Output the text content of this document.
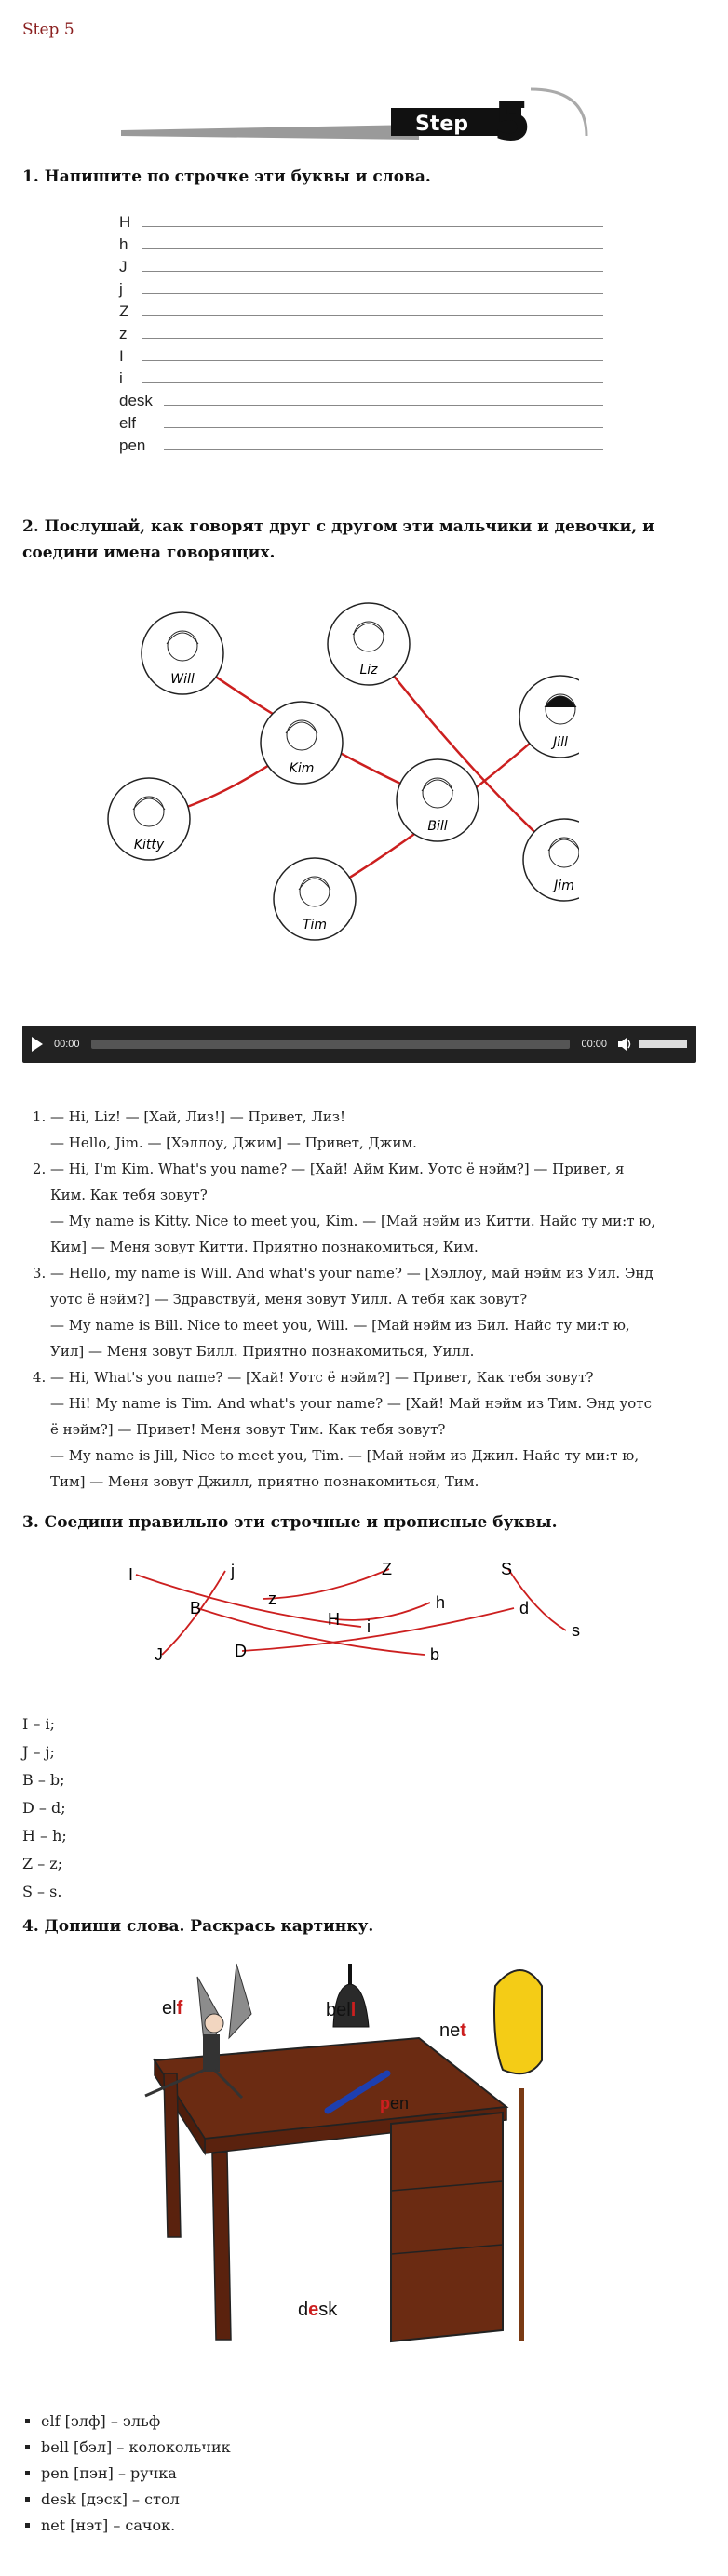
Step 5
Step 5
1. Напишите по строчке эти буквы и слова.
H
h
J
j
Z
z
I
i
desk
elf
pen
2. Послушай, как говорят друг с другом эти мальчики и девочки, и
соедини имена говорящих.
Will
Liz
Kim
Jill
Bill
Kitty
Jim
Tim
00:00	00:00
1. — Hi, Liz! — [Хай, Лиз!] — Привет, Лиз!
— Hello, Jim. — [Хэллоу, Джим] — Привет, Джим.
2. — Hi, I'm Kim. What's you name? — [Хай! Айм Ким. Уотс ё нэйм?] — Привет, я
Ким. Как тебя зовут?
— My name is Kitty. Nice to meet you, Kim. — [Май нэйм из Китти. Найс ту ми:т ю,
Ким] — Меня зовут Китти. Приятно познакомиться, Ким.
3. — Hello, my name is Will. And what's your name? — [Хэллоу, май нэйм из Уил. Энд
уотс ё нэйм?] — Здравствуй, меня зовут Уилл. А тебя как зовут?
— My name is Bill. Nice to meet you, Will. — [Май нэйм из Бил. Найс ту ми:т ю,
Уил] — Меня зовут Билл. Приятно познакомиться, Уилл.
4. — Hi, What's you name? — [Хай! Уотс ё нэйм?] — Привет, Как тебя зовут?
— Hi! My name is Tim. And what's your name? — [Хай! Май нэйм из Тим. Энд уотс
ё нэйм?] — Привет! Меня зовут Тим. Как тебя зовут?
— My name is Jill, Nice to meet you, Tim. — [Май нэйм из Джил. Найс ту ми:т ю,
Тим] — Меня зовут Джилл, приятно познакомиться, Тим.
3. Соедини правильно эти строчные и прописные буквы.
I	j	Z	S
B	z
H
h	d
J
i
D	b
s
I – i;
J – j;
B – b;
D – d;
H – h;
Z – z;
S – s.
4. Допиши слова. Раскрась картинку.
elf	bell
net
pen
desk
▪ elf [элф] – эльф
▪ bell [бэл] – колокольчик
▪ pen [пэн] – ручка
▪ desk [дэск] – стол
▪ net [нэт] – сачок.
